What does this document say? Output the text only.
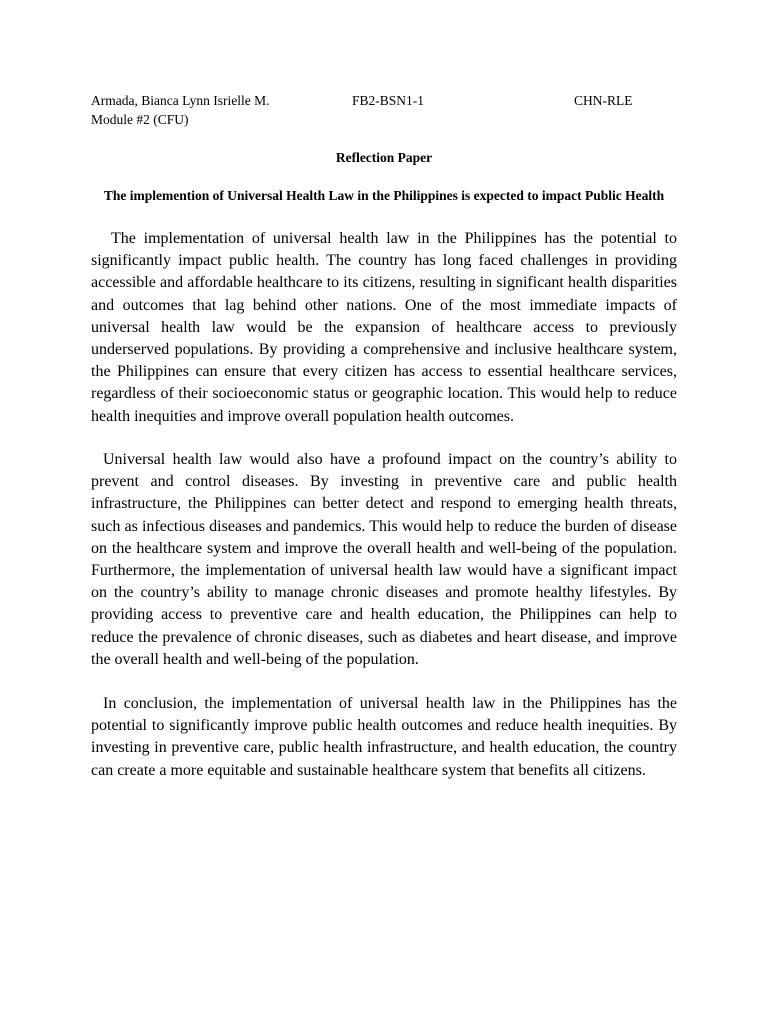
Armada, Bianca Lynn Isrielle M.	FB2-BSN1-1	CHN-RLE
Module #2 (CFU)
Reflection Paper
The implemention of Universal Health Law in the Philippines is expected to impact Public Health

The implementation of universal health law in the Philippines has the potential to significantly impact public health. The country has long faced challenges in providing accessible and affordable healthcare to its citizens, resulting in significant health disparities and outcomes that lag behind other nations. One of the most immediate impacts of universal health law would be the expansion of healthcare access to previously underserved populations. By providing a comprehensive and inclusive healthcare system, the Philippines can ensure that every citizen has access to essential healthcare services, regardless of their socioeconomic status or geographic location. This would help to reduce health inequities and improve overall population health outcomes.

Universal health law would also have a profound impact on the country’s ability to prevent and control diseases. By investing in preventive care and public health infrastructure, the Philippines can better detect and respond to emerging health threats, such as infectious diseases and pandemics. This would help to reduce the burden of disease on the healthcare system and improve the overall health and well-being of the population. Furthermore, the implementation of universal health law would have a significant impact on the country’s ability to manage chronic diseases and promote healthy lifestyles. By providing access to preventive care and health education, the Philippines can help to reduce the prevalence of chronic diseases, such as diabetes and heart disease, and improve the overall health and well-being of the population.

In conclusion, the implementation of universal health law in the Philippines has the potential to significantly improve public health outcomes and reduce health inequities. By investing in preventive care, public health infrastructure, and health education, the country can create a more equitable and sustainable healthcare system that benefits all citizens.
